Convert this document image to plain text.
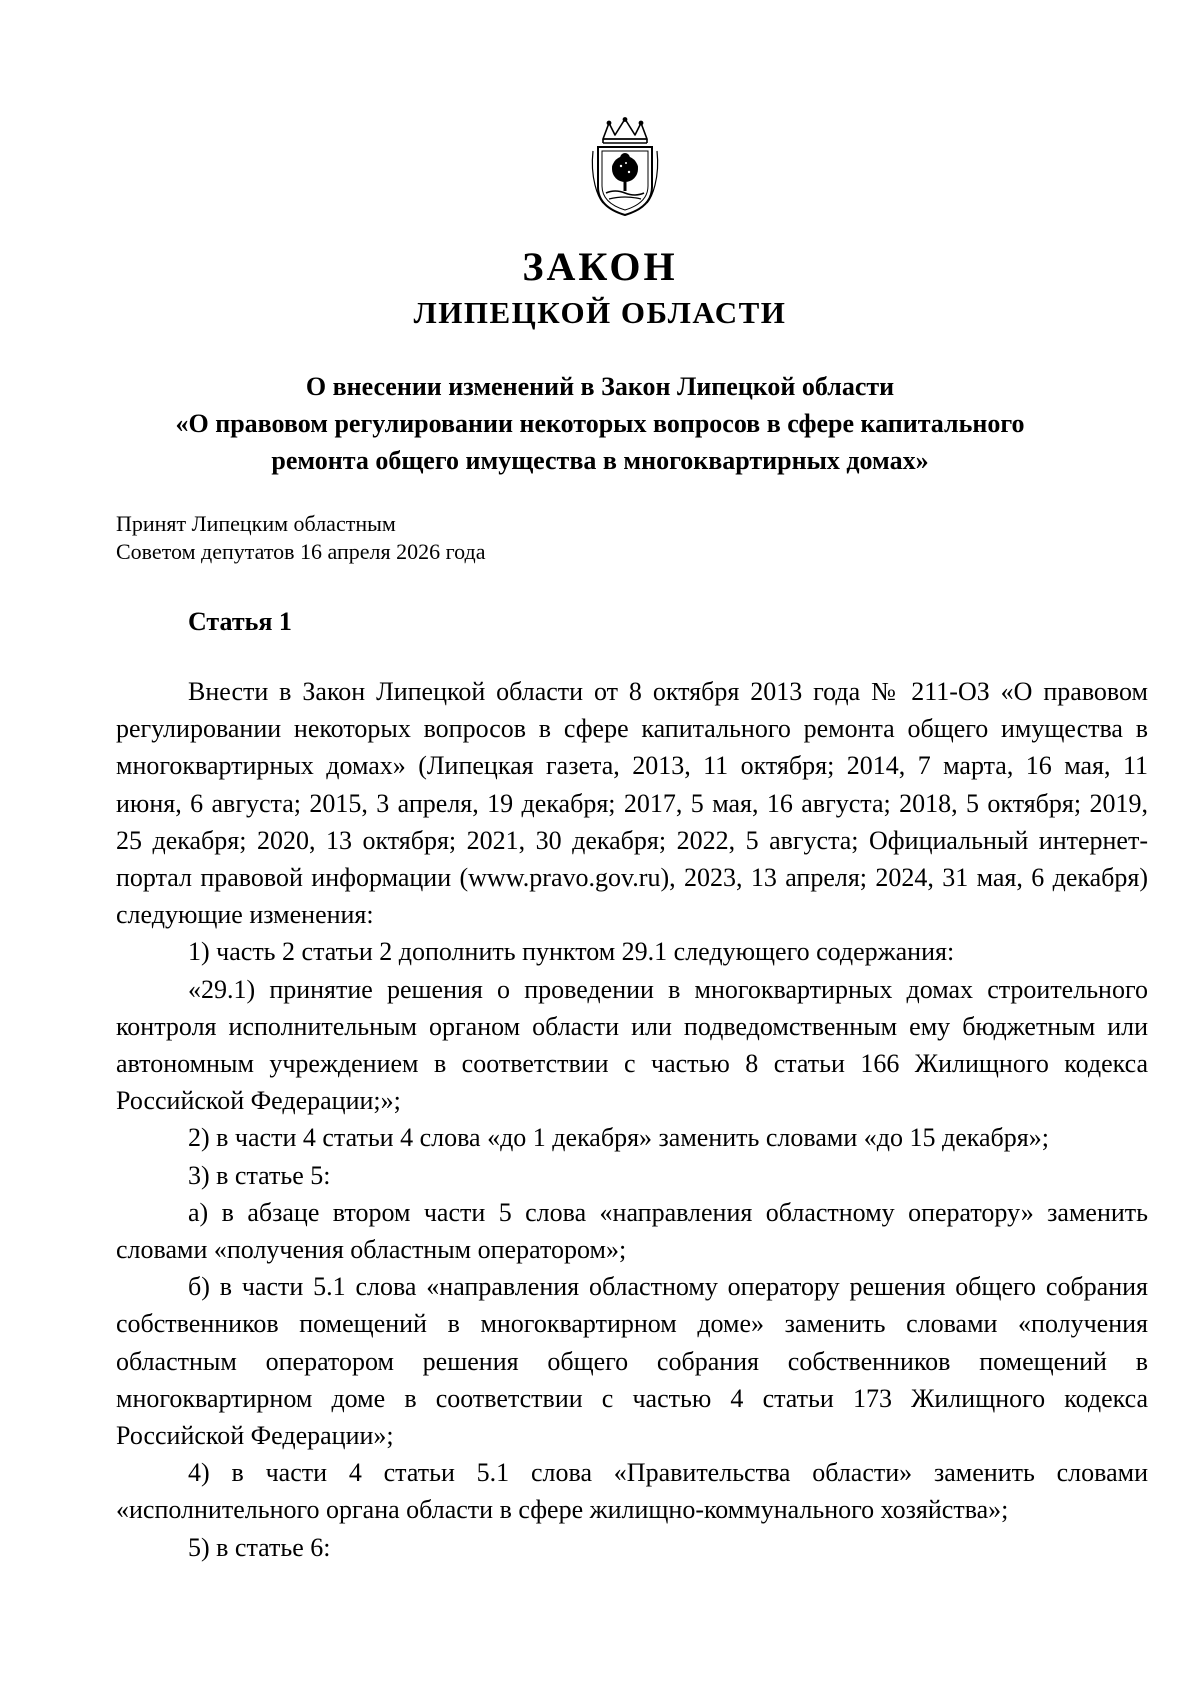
ЗАКОН
ЛИПЕЦКОЙ ОБЛАСТИ
О внесении изменений в Закон Липецкой области
«О правовом регулировании некоторых вопросов в сфере капитального
ремонта общего имущества в многоквартирных домах»
Принят Липецким областным
Советом депутатов 16 апреля 2026 года
Статья 1

Внести в Закон Липецкой области от 8 октября 2013 года № 211-ОЗ «О правовом регулировании некоторых вопросов в сфере капитального ремонта общего имущества в многоквартирных домах» (Липецкая газета, 2013, 11 октября; 2014, 7 марта, 16 мая, 11 июня, 6 августа; 2015, 3 апреля, 19 декабря; 2017, 5 мая, 16 августа; 2018, 5 октября; 2019, 25 декабря; 2020, 13 октября; 2021, 30 декабря; 2022, 5 августа; Официальный интернет-портал правовой информации (www.pravo.gov.ru), 2023, 13 апреля; 2024, 31 мая, 6 декабря) следующие изменения:

1) часть 2 статьи 2 дополнить пунктом 29.1 следующего содержания:

«29.1) принятие решения о проведении в многоквартирных домах строительного контроля исполнительным органом области или подведомственным ему бюджетным или автономным учреждением в соответствии с частью 8 статьи 166 Жилищного кодекса Российской Федерации;»;

2) в части 4 статьи 4 слова «до 1 декабря» заменить словами «до 15 декабря»;

3) в статье 5:

а) в абзаце втором части 5 слова «направления областному оператору» заменить словами «получения областным оператором»;

б) в части 5.1 слова «направления областному оператору решения общего собрания собственников помещений в многоквартирном доме» заменить словами «получения областным оператором решения общего собрания собственников помещений в многоквартирном доме в соответствии с частью 4 статьи 173 Жилищного кодекса Российской Федерации»;

4) в части 4 статьи 5.1 слова «Правительства области» заменить словами «исполнительного органа области в сфере жилищно-коммунального хозяйства»;

5) в статье 6:
